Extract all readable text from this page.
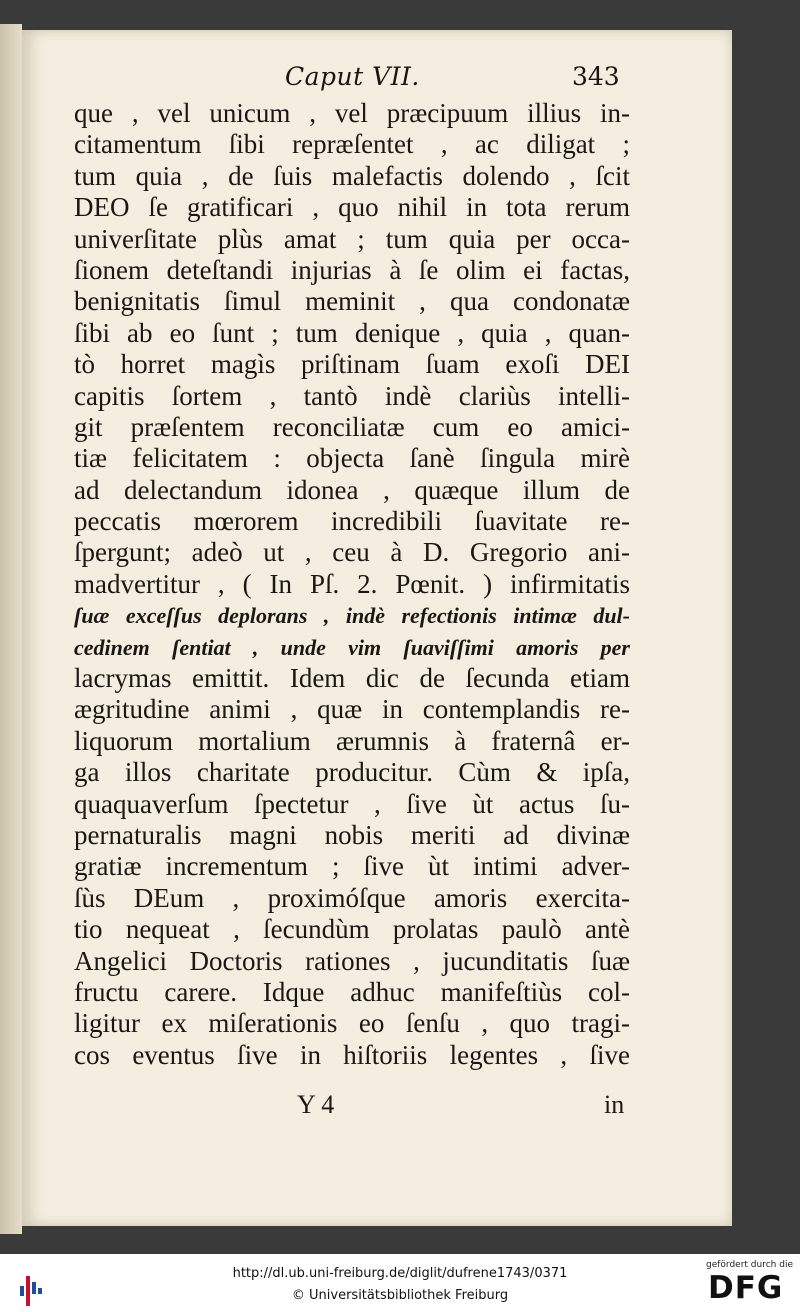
Caput VII.	343
que , vel unicum , vel præcipuum illius in-
citamentum ſibi repræſentet , ac diligat ;
tum quia , de ſuis malefactis dolendo , ſcit
DEO ſe gratificari , quo nihil in tota rerum
univerſitate plùs amat ; tum quia per occa-
ſionem deteſtandi injurias à ſe olim ei factas,
benignitatis ſimul meminit , qua condonatæ
ſibi ab eo ſunt ; tum denique , quia , quan-
tò horret magìs priſtinam ſuam exoſi DEI
capitis ſortem , tantò indè clariùs intelli-
git præſentem reconciliatæ cum eo amici-
tiæ felicitatem : objecta ſanè ſingula mirè
ad delectandum idonea , quæque illum de
peccatis mœrorem incredibili ſuavitate re-
ſpergunt; adeò ut , ceu à D. Gregorio ani-
madvertitur , ( In Pſ. 2. Pœnit. ) infirmitatis
ſuæ exceſſus deplorans , indè refectionis intimæ dul-
cedinem ſentiat , unde vim ſuaviſſimi amoris per
lacrymas emittit. Idem dic de ſecunda etiam
ægritudine animi , quæ in contemplandis re-
liquorum mortalium ærumnis à fraternâ er-
ga illos charitate producitur. Cùm & ipſa,
quaquaverſum ſpectetur , ſive ùt actus ſu-
pernaturalis magni nobis meriti ad divinæ
gratiæ incrementum ; ſive ùt intimi adver-
ſùs DEum , proximóſque amoris exercita-
tio nequeat , ſecundùm prolatas paulò antè
Angelici Doctoris rationes , jucunditatis ſuæ
fructu carere. Idque adhuc manifeſtiùs col-
ligitur ex miſerationis eo ſenſu , quo tragi-
cos eventus ſive in hiſtoriis legentes , ſive
Y 4	in
http://dl.ub.uni-freiburg.de/diglit/dufrene1743/0371
© Universitätsbibliothek Freiburg
gefördert durch die
DFG
